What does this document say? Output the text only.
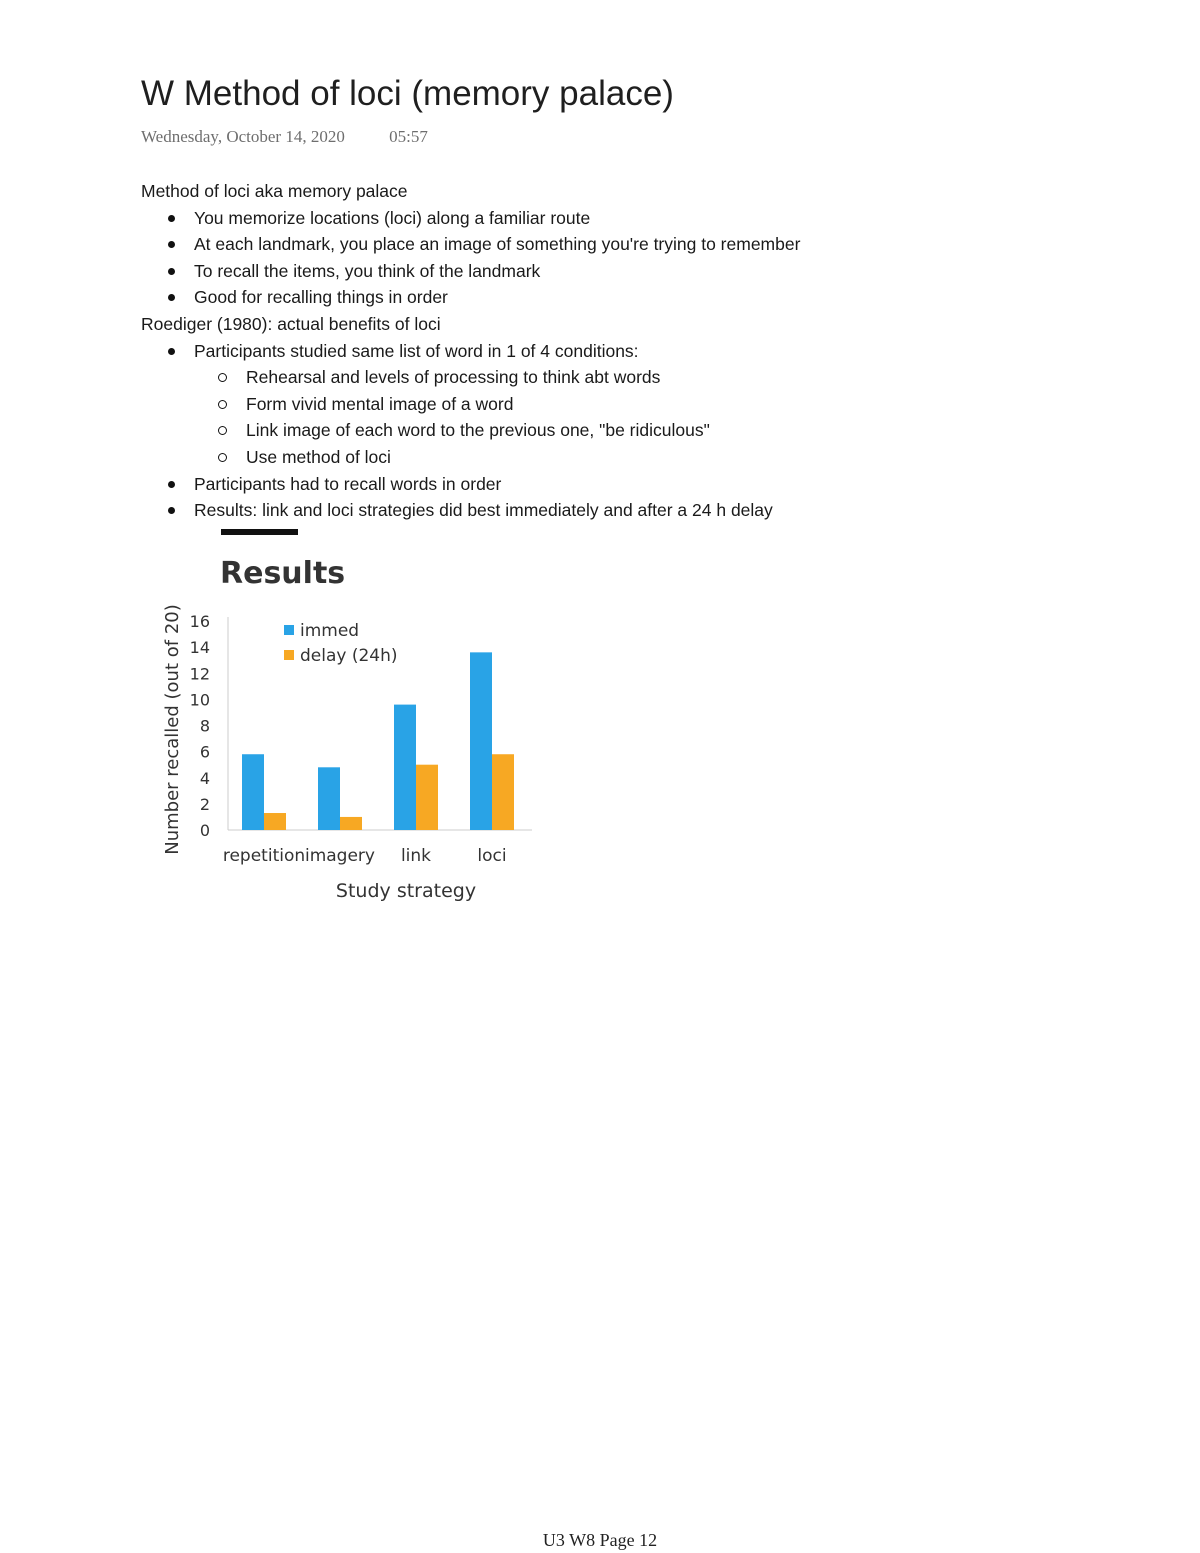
W Method of loci (memory palace)
Wednesday, October 14, 2020	05:57

Method of loci aka memory palace

You memorize locations (loci) along a familiar route
At each landmark, you place an image of something you're trying to remember
To recall the items, you think of the landmark
Good for recalling things in order

Roediger (1980): actual benefits of loci

Participants studied same list of word in 1 of 4 conditions:
Rehearsal and levels of processing to think abt words
Form vivid mental image of a word
Link image of each word to the previous one, "be ridiculous"
Use method of loci
Participants had to recall words in order
Results: link and loci strategies did best immediately and after a 24 h delay
Results
0
2
4
6
8
10
12
14
16
repetition imagery link	loci
Study strategy
Number recalled (out of 20)	immed
delay (24h)
U3 W8 Page 12
